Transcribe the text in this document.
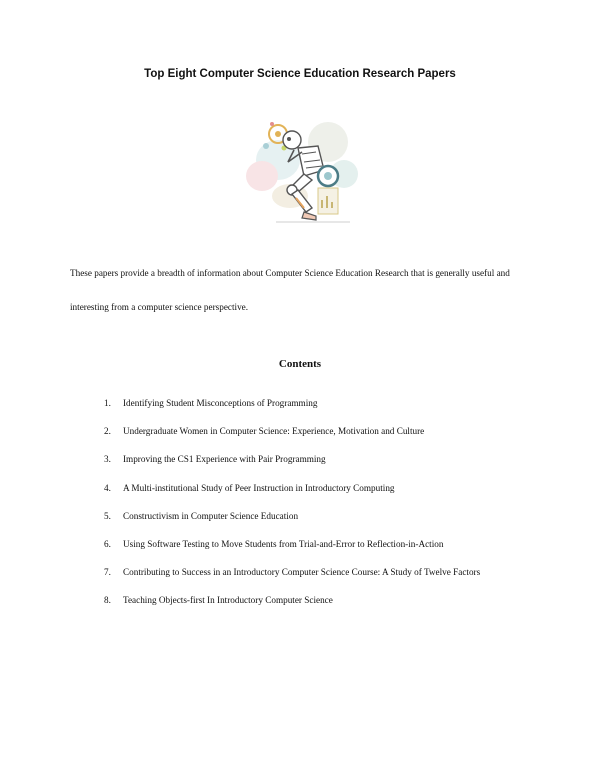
Top Eight Computer Science Education Research Papers

These papers provide a breadth of information about Computer Science Education Research that is generally useful and interesting from a computer science perspective.

Contents
1.	Identifying Student Misconceptions of Programming
2.	Undergraduate Women in Computer Science: Experience, Motivation and Culture
3.	Improving the CS1 Experience with Pair Programming
4.	A Multi-institutional Study of Peer Instruction in Introductory Computing
5.	Constructivism in Computer Science Education
6.	Using Software Testing to Move Students from Trial-and-Error to Reflection-in-Action
7.	Contributing to Success in an Introductory Computer Science Course: A Study of Twelve Factors
8.	Teaching Objects-first In Introductory Computer Science
